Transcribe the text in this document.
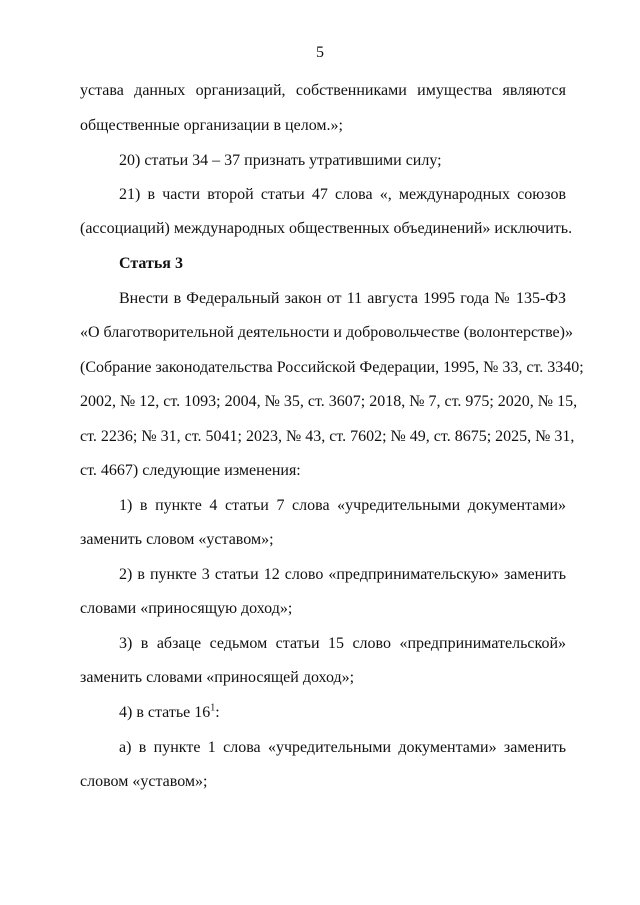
5
устава данных организаций, собственниками имущества являются
общественные организации в целом.»;
20) статьи 34 – 37 признать утратившими силу;
21) в части второй статьи 47 слова «, международных союзов
(ассоциаций) международных общественных объединений» исключить.
Статья 3
Внести в Федеральный закон от 11 августа 1995 года № 135-ФЗ
«О благотворительной деятельности и добровольчестве (волонтерстве)»
(Собрание законодательства Российской Федерации, 1995, № 33, ст. 3340;
2002, № 12, ст. 1093; 2004, № 35, ст. 3607; 2018, № 7, ст. 975; 2020, № 15,
ст. 2236; № 31, ст. 5041; 2023, № 43, ст. 7602; № 49, ст. 8675; 2025, № 31,
ст. 4667) следующие изменения:
1) в пункте 4 статьи 7 слова «учредительными документами»
заменить словом «уставом»;
2) в пункте 3 статьи 12 слово «предпринимательскую» заменить
словами «приносящую доход»;
3) в абзаце седьмом статьи 15 слово «предпринимательской»
заменить словами «приносящей доход»;
4) в статье $16^1$:
а) в пункте 1 слова «учредительными документами» заменить
словом «уставом»;
